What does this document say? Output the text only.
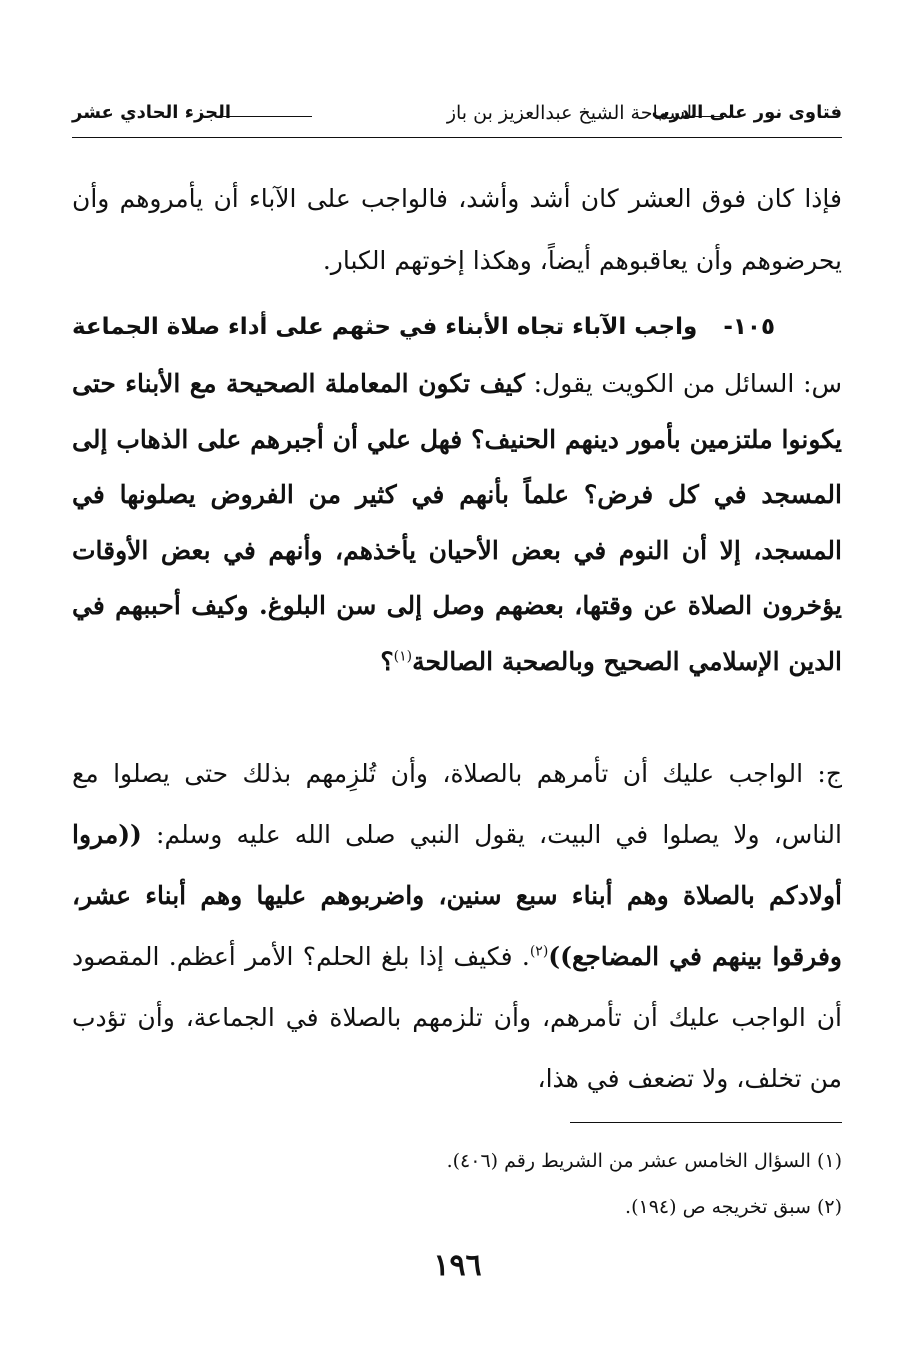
فتاوى نور على الدرب
لسماحة الشيخ عبدالعزيز بن باز
الجزء الحادي عشر

فإذا كان فوق العشر كان أشد وأشد، فالواجب على الآباء أن يأمروهم وأن يحرضوهم وأن يعاقبوهم أيضاً، وهكذا إخوتهم الكبار.

١٠٥- واجب الآباء تجاه الأبناء في حثهم على أداء صلاة الجماعة

س: السائل من الكويت يقول: كيف تكون المعاملة الصحيحة مع الأبناء حتى يكونوا ملتزمين بأمور دينهم الحنيف؟ فهل علي أن أجبرهم على الذهاب إلى المسجد في كل فرض؟ علماً بأنهم في كثير من الفروض يصلونها في المسجد، إلا أن النوم في بعض الأحيان يأخذهم، وأنهم في بعض الأوقات يؤخرون الصلاة عن وقتها، بعضهم وصل إلى سن البلوغ. وكيف أحببهم في الدين الإسلامي الصحيح وبالصحبة الصالحة$^{(١)}$؟

ج: الواجب عليك أن تأمرهم بالصلاة، وأن تُلزِمهم بذلك حتى يصلوا مع الناس، ولا يصلوا في البيت، يقول النبي صلى الله عليه وسلم: ((مروا أولادكم بالصلاة وهم أبناء سبع سنين، واضربوهم عليها وهم أبناء عشر، وفرقوا بينهم في المضاجع))$^{(٢)}$. فكيف إذا بلغ الحلم؟ الأمر أعظم. المقصود أن الواجب عليك أن تأمرهم، وأن تلزمهم بالصلاة في الجماعة، وأن تؤدب من تخلف، ولا تضعف في هذا،

(١) السؤال الخامس عشر من الشريط رقم (٤٠٦).

(٢) سبق تخريجه ص (١٩٤).

١٩٦
